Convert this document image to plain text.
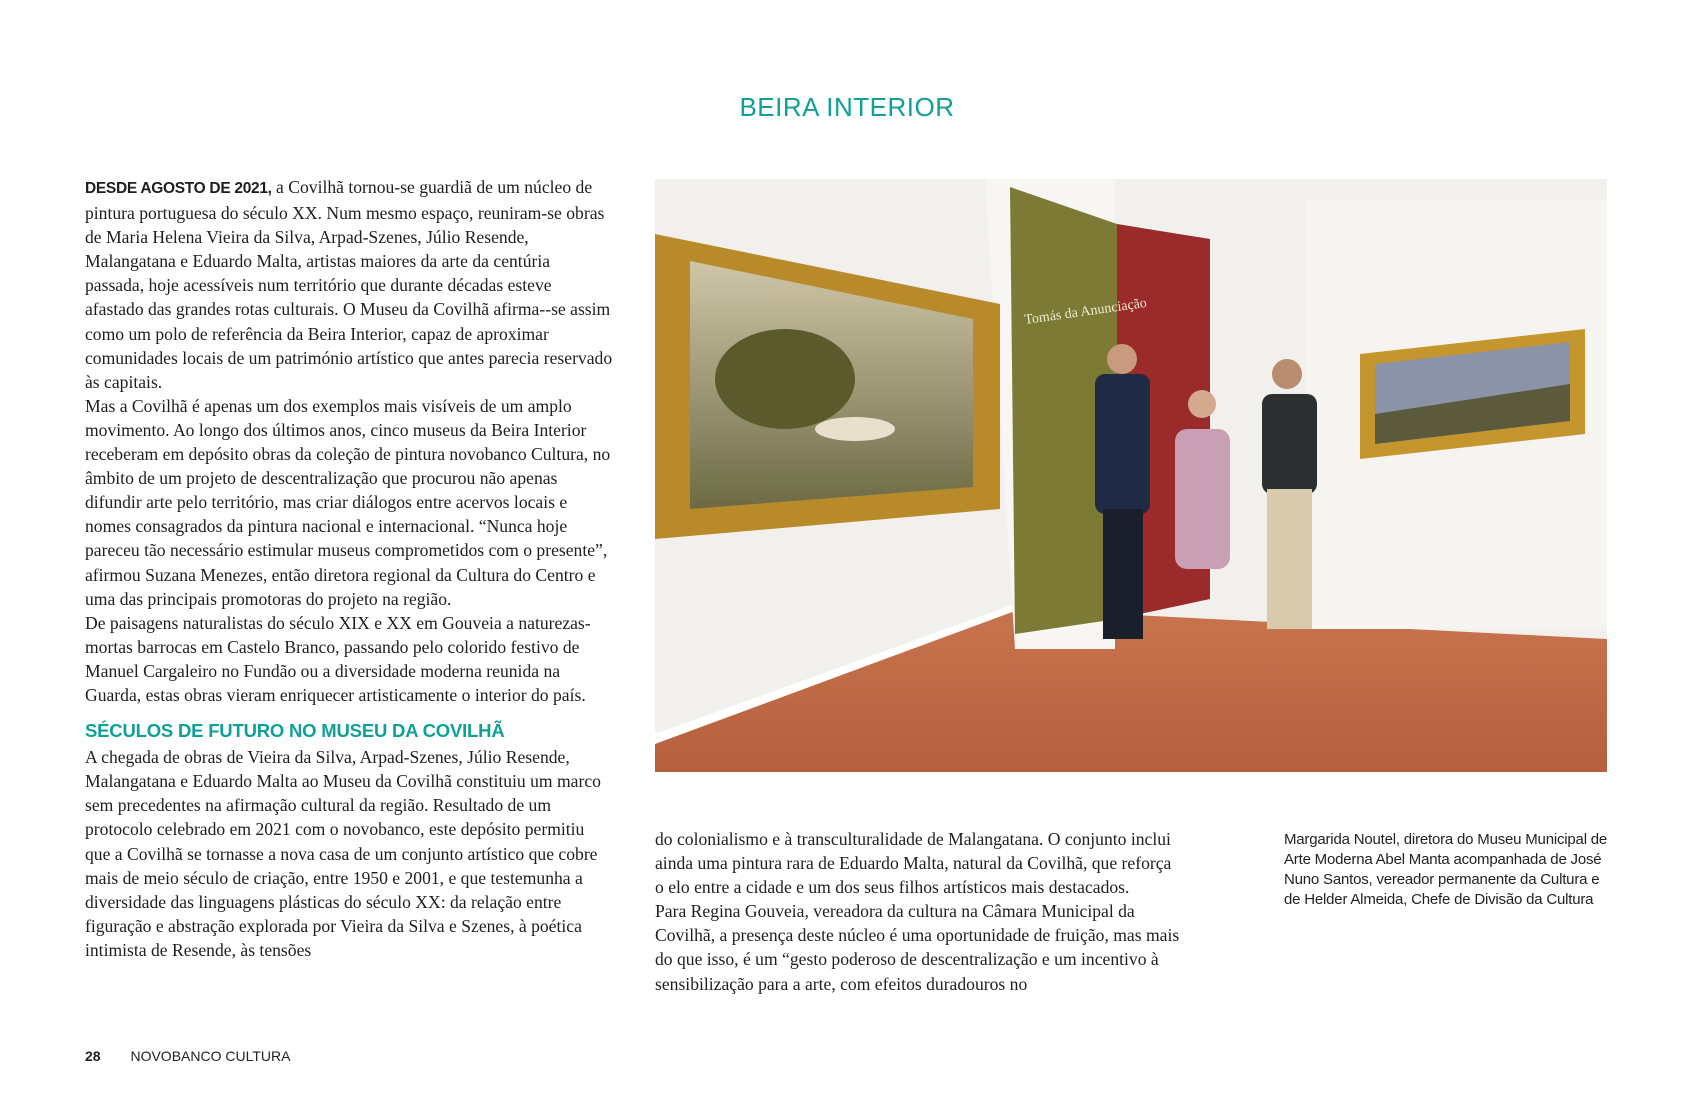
BEIRA INTERIOR

DESDE AGOSTO DE 2021, a Covilhã tornou-se guardiã de um núcleo de pintura portuguesa do século XX. Num mesmo espaço, reuniram-se obras de Maria Helena Vieira da Silva, Arpad-Szenes, Júlio Resende, Malangatana e Eduardo Malta, artistas maiores da arte da centúria passada, hoje acessíveis num território que durante décadas esteve afastado das grandes rotas culturais. O Museu da Covilhã afirma--se assim como um polo de referência da Beira Interior, capaz de aproximar comunidades locais de um património artístico que antes parecia reservado às capitais.

Mas a Covilhã é apenas um dos exemplos mais visíveis de um amplo movimento. Ao longo dos últimos anos, cinco museus da Beira Interior receberam em depósito obras da coleção de pintura novobanco Cultura, no âmbito de um projeto de descentralização que procurou não apenas difundir arte pelo território, mas criar diálogos entre acervos locais e nomes consagrados da pintura nacional e internacional. “Nunca hoje pareceu tão necessário estimular museus comprometidos com o presente”, afirmou Suzana Menezes, então diretora regional da Cultura do Centro e uma das principais promotoras do projeto na região.

De paisagens naturalistas do século XIX e XX em Gouveia a naturezas-mortas barrocas em Castelo Branco, passando pelo colorido festivo de Manuel Cargaleiro no Fundão ou a diversidade moderna reunida na Guarda, estas obras vieram enriquecer artisticamente o interior do país.

SÉCULOS DE FUTURO NO MUSEU DA COVILHÃ

A chegada de obras de Vieira da Silva, Arpad-Szenes, Júlio Resende, Malangatana e Eduardo Malta ao Museu da Covilhã constituiu um marco sem precedentes na afirmação cultural da região. Resultado de um protocolo celebrado em 2021 com o novobanco, este depósito permitiu que a Covilhã se tornasse a nova casa de um conjunto artístico que cobre mais de meio século de criação, entre 1950 e 2001, e que testemunha a diversidade das linguagens plásticas do século XX: da relação entre figuração e abstração explorada por Vieira da Silva e Szenes, à poética intimista de Resende, às tensões

do colonialismo e à transculturalidade de Malangatana. O conjunto inclui ainda uma pintura rara de Eduardo Malta, natural da Covilhã, que reforça o elo entre a cidade e um dos seus filhos artísticos mais destacados.

Para Regina Gouveia, vereadora da cultura na Câmara Municipal da Covilhã, a presença deste núcleo é uma oportunidade de fruição, mas mais do que isso, é um “gesto poderoso de descentralização e um incentivo à sensibilização para a arte, com efeitos duradouros no

Tomás da Anunciação
Margarida Noutel, diretora do Museu Municipal de Arte Moderna Abel Manta acompanhada de José Nuno Santos, vereador permanente da Cultura e de Helder Almeida, Chefe de Divisão da Cultura
28 NOVOBANCO CULTURA
